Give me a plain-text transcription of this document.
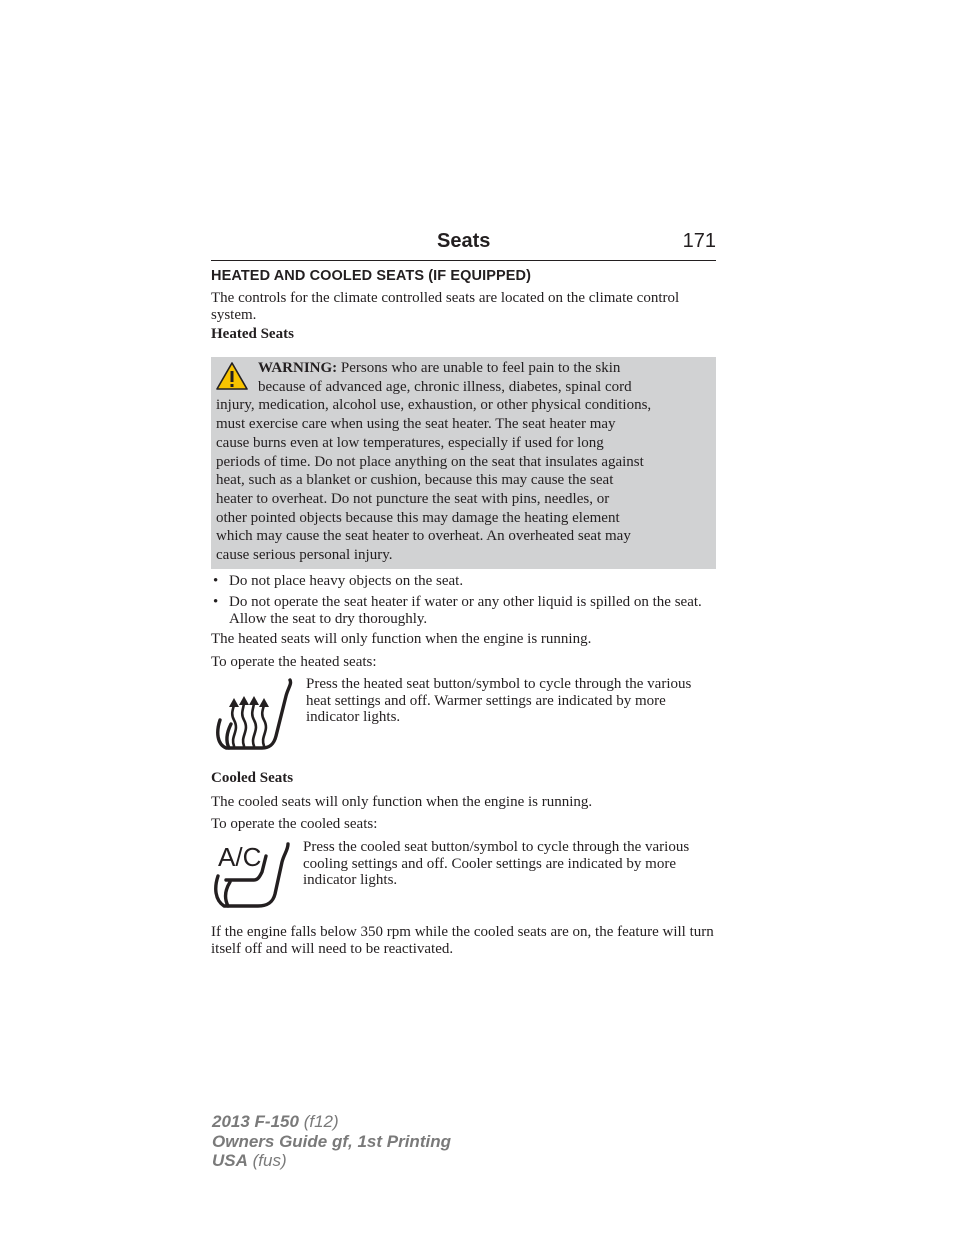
Seats	171
HEATED AND COOLED SEATS (IF EQUIPPED)
The controls for the climate controlled seats are located on the climate control system.
Heated Seats
WARNING: Persons who are unable to feel pain to the skin
because of advanced age, chronic illness, diabetes, spinal cord
injury, medication, alcohol use, exhaustion, or other physical conditions,
must exercise care when using the seat heater. The seat heater may
cause burns even at low temperatures, especially if used for long
periods of time. Do not place anything on the seat that insulates against
heat, such as a blanket or cushion, because this may cause the seat
heater to overheat. Do not puncture the seat with pins, needles, or
other pointed objects because this may damage the heating element
which may cause the seat heater to overheat. An overheated seat may
cause serious personal injury.
• Do not place heavy objects on the seat.
• Do not operate the seat heater if water or any other liquid is spilled on the seat. Allow the seat to dry thoroughly.
The heated seats will only function when the engine is running.
To operate the heated seats:
Press the heated seat button/symbol to cycle through the various heat settings and off. Warmer settings are indicated by more indicator lights.
Cooled Seats
The cooled seats will only function when the engine is running.
To operate the cooled seats:
A/C	Press the cooled seat button/symbol to cycle through the various cooling settings and off. Cooler settings are indicated by more indicator lights.
If the engine falls below 350 rpm while the cooled seats are on, the feature will turn itself off and will need to be reactivated.
2013 F-150 (f12)
Owners Guide gf, 1st Printing
USA (fus)
